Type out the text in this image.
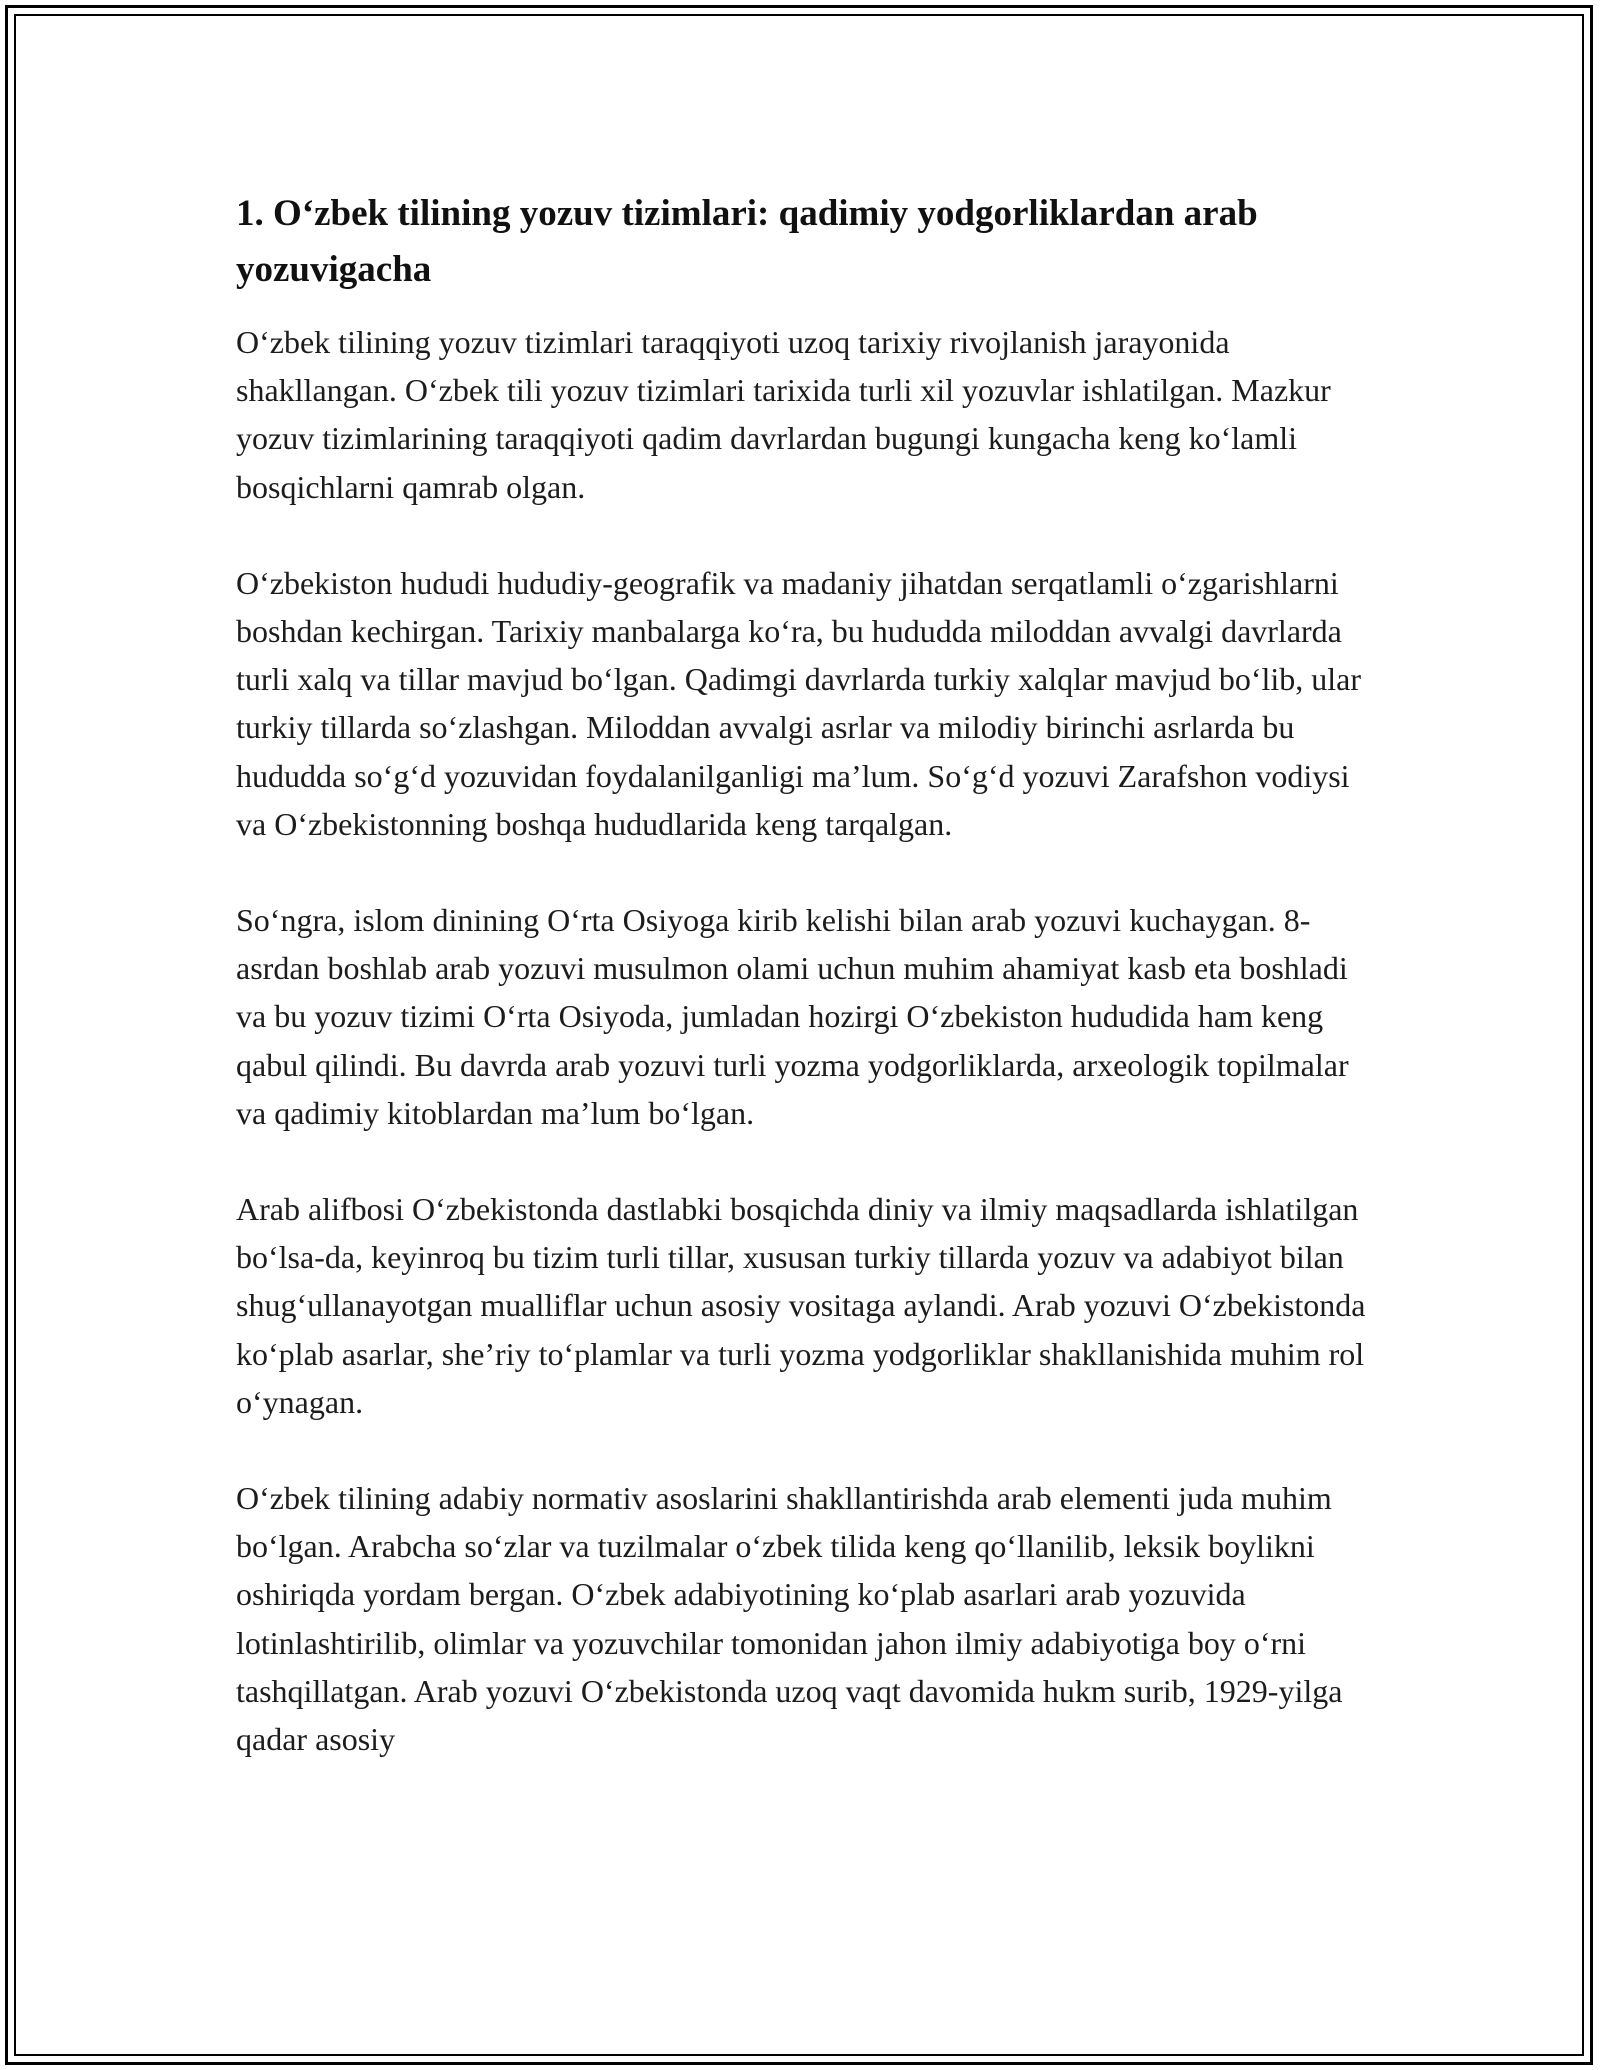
1. O‘zbek tilining yozuv tizimlari: qadimiy yodgorliklardan arab yozuvigacha

O‘zbek tilining yozuv tizimlari taraqqiyoti uzoq tarixiy rivojlanish jarayonida shakllangan. O‘zbek tili yozuv tizimlari tarixida turli xil yozuvlar ishlatilgan. Mazkur yozuv tizimlarining taraqqiyoti qadim davrlardan bugungi kungacha keng ko‘lamli bosqichlarni qamrab olgan.

O‘zbekiston hududi hududiy-geografik va madaniy jihatdan serqatlamli o‘zgarishlarni boshdan kechirgan. Tarixiy manbalarga ko‘ra, bu hududda miloddan avvalgi davrlarda turli xalq va tillar mavjud bo‘lgan. Qadimgi davrlarda turkiy xalqlar mavjud bo‘lib, ular turkiy tillarda so‘zlashgan. Miloddan avvalgi asrlar va milodiy birinchi asrlarda bu hududda so‘g‘d yozuvidan foydalanilganligi ma’lum. So‘g‘d yozuvi Zarafshon vodiysi va O‘zbekistonning boshqa hududlarida keng tarqalgan.

So‘ngra, islom dinining O‘rta Osiyoga kirib kelishi bilan arab yozuvi kuchaygan. 8-asrdan boshlab arab yozuvi musulmon olami uchun muhim ahamiyat kasb eta boshladi va bu yozuv tizimi O‘rta Osiyoda, jumladan hozirgi O‘zbekiston hududida ham keng qabul qilindi. Bu davrda arab yozuvi turli yozma yodgorliklarda, arxeologik topilmalar va qadimiy kitoblardan ma’lum bo‘lgan.

Arab alifbosi O‘zbekistonda dastlabki bosqichda diniy va ilmiy maqsadlarda ishlatilgan bo‘lsa-da, keyinroq bu tizim turli tillar, xususan turkiy tillarda yozuv va adabiyot bilan shug‘ullanayotgan mualliflar uchun asosiy vositaga aylandi. Arab yozuvi O‘zbekistonda ko‘plab asarlar, she’riy to‘plamlar va turli yozma yodgorliklar shakllanishida muhim rol o‘ynagan.

O‘zbek tilining adabiy normativ asoslarini shakllantirishda arab elementi juda muhim bo‘lgan. Arabcha so‘zlar va tuzilmalar o‘zbek tilida keng qo‘llanilib, leksik boylikni oshiriqda yordam bergan. O‘zbek adabiyotining ko‘plab asarlari arab yozuvida lotinlashtirilib, olimlar va yozuvchilar tomonidan jahon ilmiy adabiyotiga boy o‘rni tashqillatgan. Arab yozuvi O‘zbekistonda uzoq vaqt davomida hukm surib, 1929-yilga qadar asosiy
